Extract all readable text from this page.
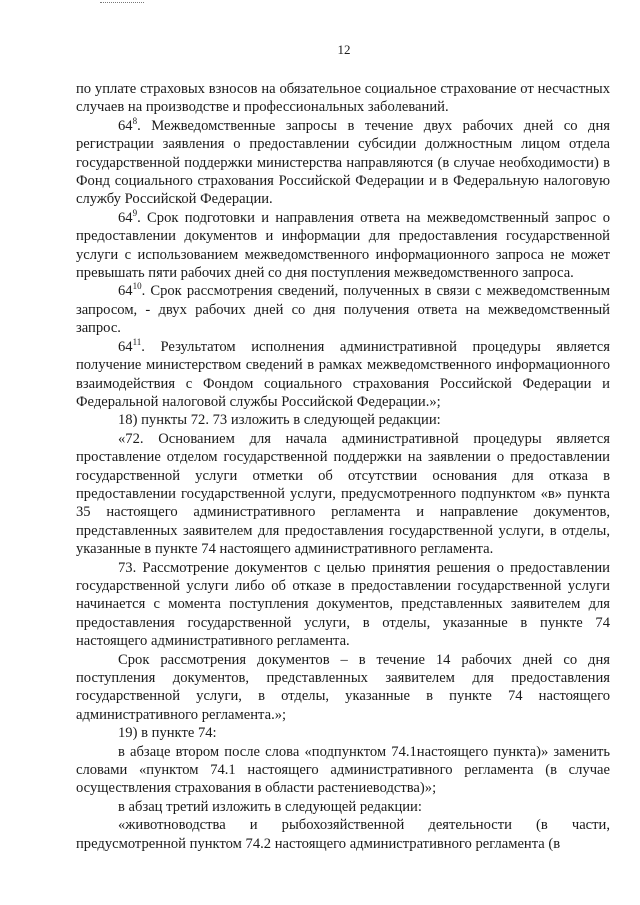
12

по уплате страховых взносов на обязательное социальное страхование от несчастных случаев на производстве и профессиональных заболеваний.

$64^8$. Межведомственные запросы в течение двух рабочих дней со дня регистрации заявления о предоставлении субсидии должностным лицом отдела государственной поддержки министерства направляются (в случае необходимости) в Фонд социального страхования Российской Федерации и в Федеральную налоговую службу Российской Федерации.

$64^9$. Срок подготовки и направления ответа на межведомственный запрос о предоставлении документов и информации для предоставления государственной услуги с использованием межведомственного информационного запроса не может превышать пяти рабочих дней со дня поступления межведомственного запроса.

$64^{10}$. Срок рассмотрения сведений, полученных в связи с межведомственным запросом, - двух рабочих дней со дня получения ответа на межведомственный запрос.

$64^{11}$. Результатом исполнения административной процедуры является получение министерством сведений в рамках межведомственного информационного взаимодействия с Фондом социального страхования Российской Федерации и Федеральной налоговой службы Российской Федерации.»;

18) пункты 72. 73 изложить в следующей редакции:

«72. Основанием для начала административной процедуры является проставление отделом государственной поддержки на заявлении о предоставлении государственной услуги отметки об отсутствии основания для отказа в предоставлении государственной услуги, предусмотренного подпунктом «в» пункта 35 настоящего административного регламента и направление документов, представленных заявителем для предоставления государственной услуги, в отделы, указанные в пункте 74 настоящего административного регламента.

73. Рассмотрение документов с целью принятия решения о предоставлении государственной услуги либо об отказе в предоставлении государственной услуги начинается с момента поступления документов, представленных заявителем для предоставления государственной услуги, в отделы, указанные в пункте 74 настоящего административного регламента.

Срок рассмотрения документов – в течение 14 рабочих дней со дня поступления документов, представленных заявителем для предоставления государственной услуги, в отделы, указанные в пункте 74 настоящего административного регламента.»;

19) в пункте 74:

в абзаце втором после слова «подпунктом 74.1настоящего пункта)» заменить словами «пунктом 74.1 настоящего административного регламента (в случае осуществления страхования в области растениеводства)»;

в абзац третий изложить в следующей редакции:

«животноводства и рыбохозяйственной деятельности (в части, предусмотренной пунктом 74.2 настоящего административного регламента (в
